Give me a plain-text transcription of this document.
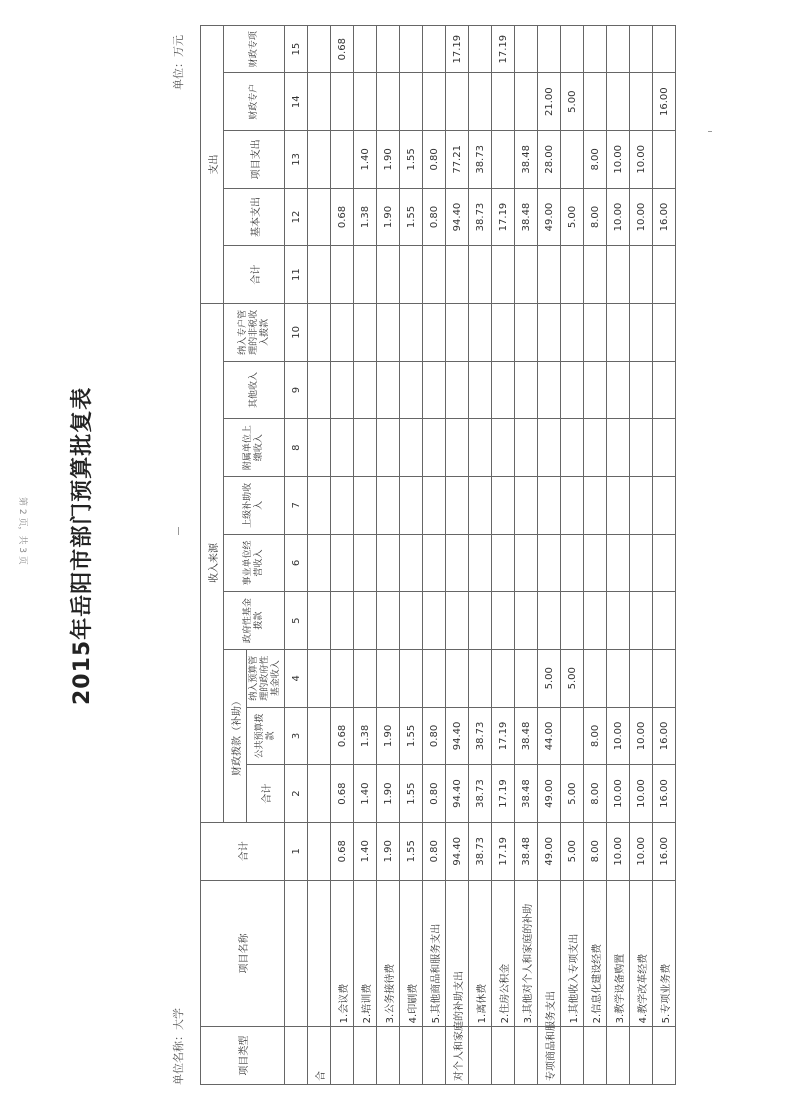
2015年岳阳市部门预算批复表
单位名称：大学
单位：万元
项目类型	项目名称	合计	收入来源									支出				
			财政拨款（补助）			政府性基金拨款	事业单位经营收入	上级补助收入	附属单位上缴收入	其他收入	纳入专户管理的非税收入拨款	合计	基本支出	项目支出	财政专户	财政专项
			合计	公共预算拨款	纳入预算管理的政府性基金收入											
		1	2	3	4	5	6	7	8	9	10	11	12	13	14	15
合																
	1.会议费	0.68	0.68	0.68									0.68			0.68
	2.培训费	1.40	1.40	1.38									1.38	1.40		
	3.公务接待费	1.90	1.90	1.90									1.90	1.90		
	4.印刷费	1.55	1.55	1.55									1.55	1.55		
	5.其他商品和服务支出	0.80	0.80	0.80									0.80	0.80		
对个人和家庭的补助支出		94.40	94.40	94.40									94.40	77.21		17.19
	1.离休费	38.73	38.73	38.73									38.73	38.73		
	2.住房公积金	17.19	17.19	17.19									17.19			17.19
	3.其他对个人和家庭的补助	38.48	38.48	38.48									38.48	38.48		
专项商品和服务支出		49.00	49.00	44.00	5.00								49.00	28.00	21.00	
	1.其他收入专项支出	5.00	5.00		5.00								5.00		5.00	
	2.信息化建设经费	8.00	8.00	8.00									8.00	8.00		
	3.教学设备购置	10.00	10.00	10.00									10.00	10.00		
	4.教学改革经费	10.00	10.00	10.00									10.00	10.00		
	5.专项业务费	16.00	16.00	16.00									16.00		16.00	
第 2 页，共 3 页
